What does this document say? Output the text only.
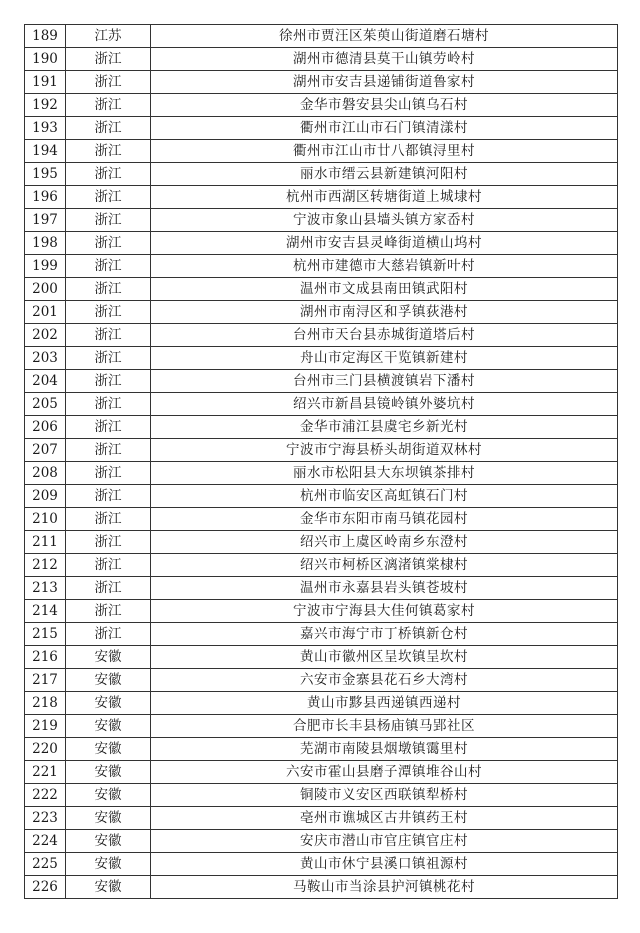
189	江苏	徐州市贾汪区茱萸山街道磨石塘村
190	浙江	湖州市德清县莫干山镇劳岭村
191	浙江	湖州市安吉县递铺街道鲁家村
192	浙江	金华市磐安县尖山镇乌石村
193	浙江	衢州市江山市石门镇清漾村
194	浙江	衢州市江山市廿八都镇浔里村
195	浙江	丽水市缙云县新建镇河阳村
196	浙江	杭州市西湖区转塘街道上城埭村
197	浙江	宁波市象山县墙头镇方家岙村
198	浙江	湖州市安吉县灵峰街道横山坞村
199	浙江	杭州市建德市大慈岩镇新叶村
200	浙江	温州市文成县南田镇武阳村
201	浙江	湖州市南浔区和孚镇荻港村
202	浙江	台州市天台县赤城街道塔后村
203	浙江	舟山市定海区干览镇新建村
204	浙江	台州市三门县横渡镇岩下潘村
205	浙江	绍兴市新昌县镜岭镇外婆坑村
206	浙江	金华市浦江县虞宅乡新光村
207	浙江	宁波市宁海县桥头胡街道双林村
208	浙江	丽水市松阳县大东坝镇茶排村
209	浙江	杭州市临安区高虹镇石门村
210	浙江	金华市东阳市南马镇花园村
211	浙江	绍兴市上虞区岭南乡东澄村
212	浙江	绍兴市柯桥区漓渚镇棠棣村
213	浙江	温州市永嘉县岩头镇苍坡村
214	浙江	宁波市宁海县大佳何镇葛家村
215	浙江	嘉兴市海宁市丁桥镇新仓村
216	安徽	黄山市徽州区呈坎镇呈坎村
217	安徽	六安市金寨县花石乡大湾村
218	安徽	黄山市黟县西递镇西递村
219	安徽	合肥市长丰县杨庙镇马郢社区
220	安徽	芜湖市南陵县烟墩镇霭里村
221	安徽	六安市霍山县磨子潭镇堆谷山村
222	安徽	铜陵市义安区西联镇犁桥村
223	安徽	亳州市谯城区古井镇药王村
224	安徽	安庆市潜山市官庄镇官庄村
225	安徽	黄山市休宁县溪口镇祖源村
226	安徽	马鞍山市当涂县护河镇桃花村
